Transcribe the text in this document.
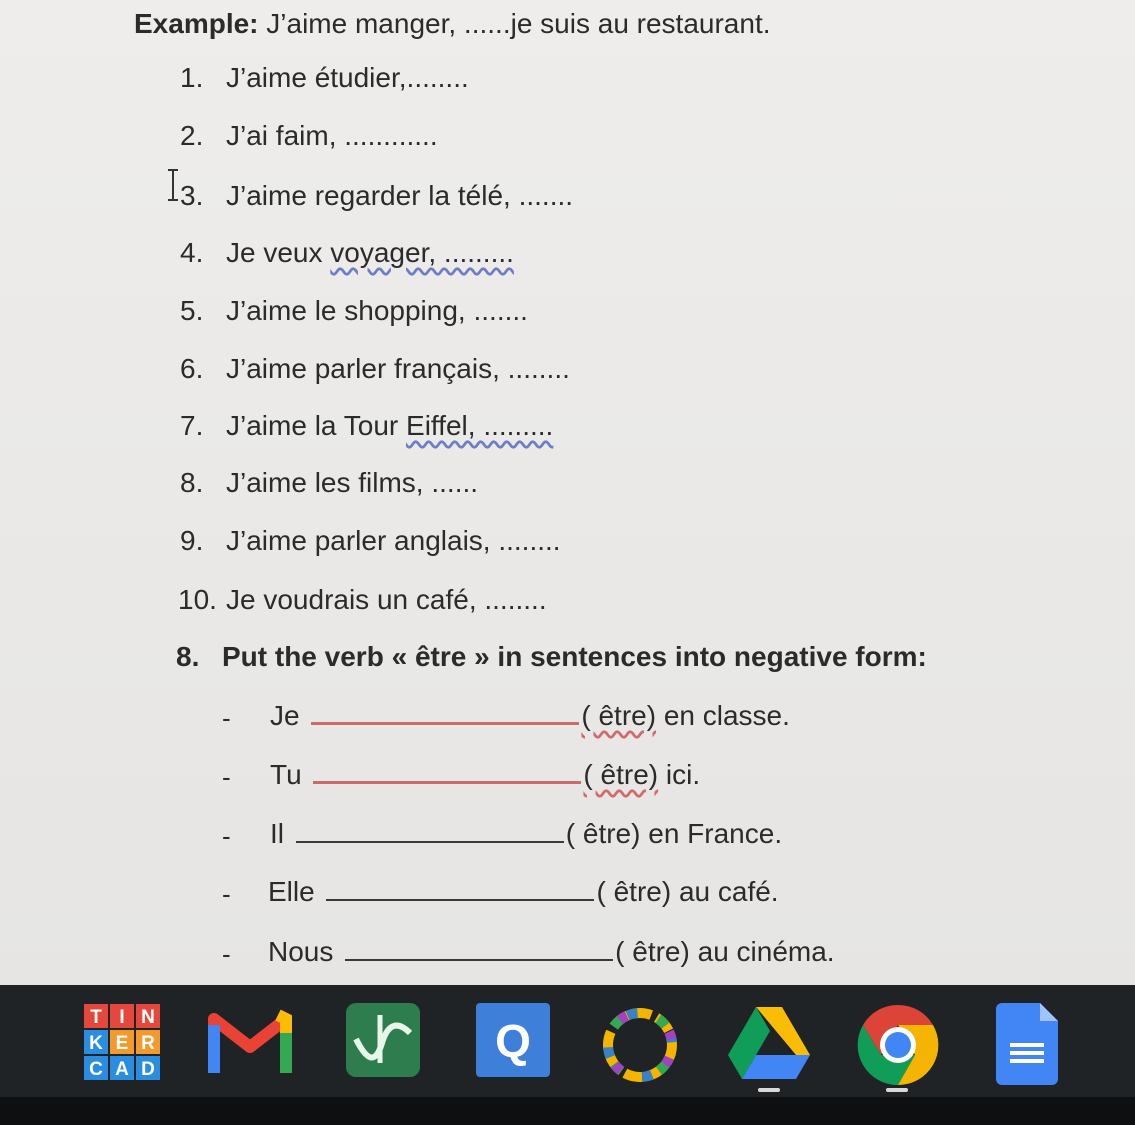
Example: J’aime manger, ......je suis au restaurant.
1. J’aime étudier,........
2. J’ai faim, ............
3. J’aime regarder la télé, .......
4. Je veux voyager, .........
5. J’aime le shopping, .......
6. J’aime parler français, ........
7. J’aime la Tour Eiffel, .........
8. J’aime les films, ......
9. J’aime parler anglais, ........
10. Je voudrais un café, ........
8. Put the verb « être » in sentences into negative form:
- Je	( être) en classe.
- Tu	( être) ici.
- Il	( être) en France.
- Elle	( être) au café.
- Nous	( être) au cinéma.
T I N
K E R
C A D
Q
